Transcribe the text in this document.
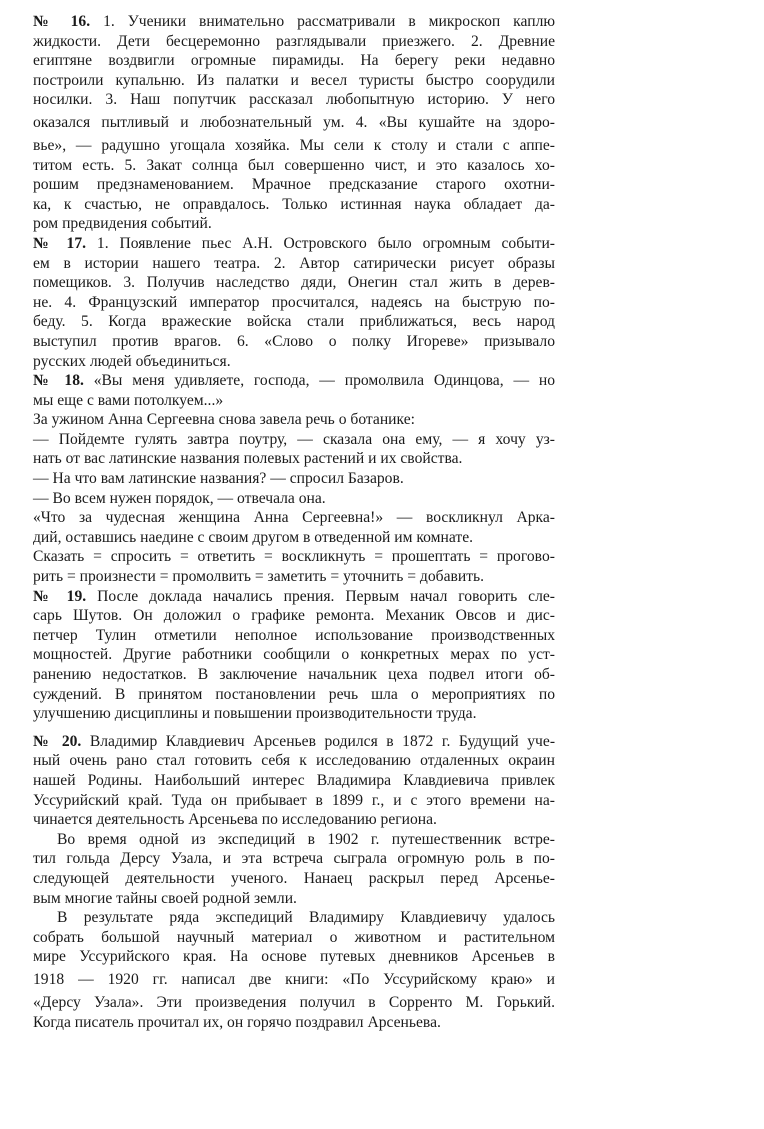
№ 16. 1. Ученики внимательно рассматривали в микроскоп каплю
жидкости. Дети бесцеремонно разглядывали приезжего. 2. Древние
египтяне воздвигли огромные пирамиды. На берегу реки недавно
построили купальню. Из палатки и весел туристы быстро соорудили
носилки. 3. Наш попутчик рассказал любопытную историю. У него
оказался пытливый и любознательный ум. 4. «Вы кушайте на здоро-
вье», — радушно угощала хозяйка. Мы сели к столу и стали с аппе-
титом есть. 5. Закат солнца был совершенно чист, и это казалось хо-
рошим предзнаменованием. Мрачное предсказание старого охотни-
ка, к счастью, не оправдалось. Только истинная наука обладает да-
ром предвидения событий.
№ 17. 1. Появление пьес А.Н. Островского было огромным событи-
ем в истории нашего театра. 2. Автор сатирически рисует образы
помещиков. 3. Получив наследство дяди, Онегин стал жить в дерев-
не. 4. Французский император просчитался, надеясь на быструю по-
беду. 5. Когда вражеские войска стали приближаться, весь народ
выступил против врагов. 6. «Слово о полку Игореве» призывало
русских людей объединиться.
№ 18. «Вы меня удивляете, господа, — промолвила Одинцова, — но
мы еще с вами потолкуем...»
За ужином Анна Сергеевна снова завела речь о ботанике:
— Пойдемте гулять завтра поутру, — сказала она ему, — я хочу уз-
нать от вас латинские названия полевых растений и их свойства.
— На что вам латинские названия? — спросил Базаров.
— Во всем нужен порядок, — отвечала она.
«Что за чудесная женщина Анна Сергеевна!» — воскликнул Арка-
дий, оставшись наедине с своим другом в отведенной им комнате.
Сказать = спросить = ответить = воскликнуть = прошептать = проговo-
рить = произнести = промолвить = заметить = уточнить = добавить.
№ 19. После доклада начались прения. Первым начал говорить сле-
сарь Шутов. Он доложил о графике ремонта. Механик Овсов и дис-
петчер Тулин отметили неполное использование производственных
мощностей. Другие работники сообщили о конкретных мерах по уст-
ранению недостатков. В заключение начальник цеха подвел итоги об-
суждений. В принятом постановлении речь шла о мероприятиях по
улучшению дисциплины и повышении производительности труда.
№ 20. Владимир Клавдиевич Арсеньев родился в 1872 г. Будущий уче-
ный очень рано стал готовить себя к исследованию отдаленных окраин
нашей Родины. Наибольший интерес Владимира Клавдиевича привлек
Уссурийский край. Туда он прибывает в 1899 г., и с этого времени на-
чинается деятельность Арсеньева по исследованию региона.
Во время одной из экспедиций в 1902 г. путешественник встре-
тил гольда Дерсу Узала, и эта встреча сыграла огромную роль в по-
следующей деятельности ученого. Нанаец раскрыл перед Арсенье-
вым многие тайны своей родной земли.
В результате ряда экспедиций Владимиру Клавдиевичу удалось
собрать большой научный материал о животном и растительном
мире Уссурийского края. На основе путевых дневников Арсеньев в
1918 — 1920 гг. написал две книги: «По Уссурийскому краю» и
«Дерсу Узала». Эти произведения получил в Сорренто М. Горький.
Когда писатель прочитал их, он горячо поздравил Арсеньева.
